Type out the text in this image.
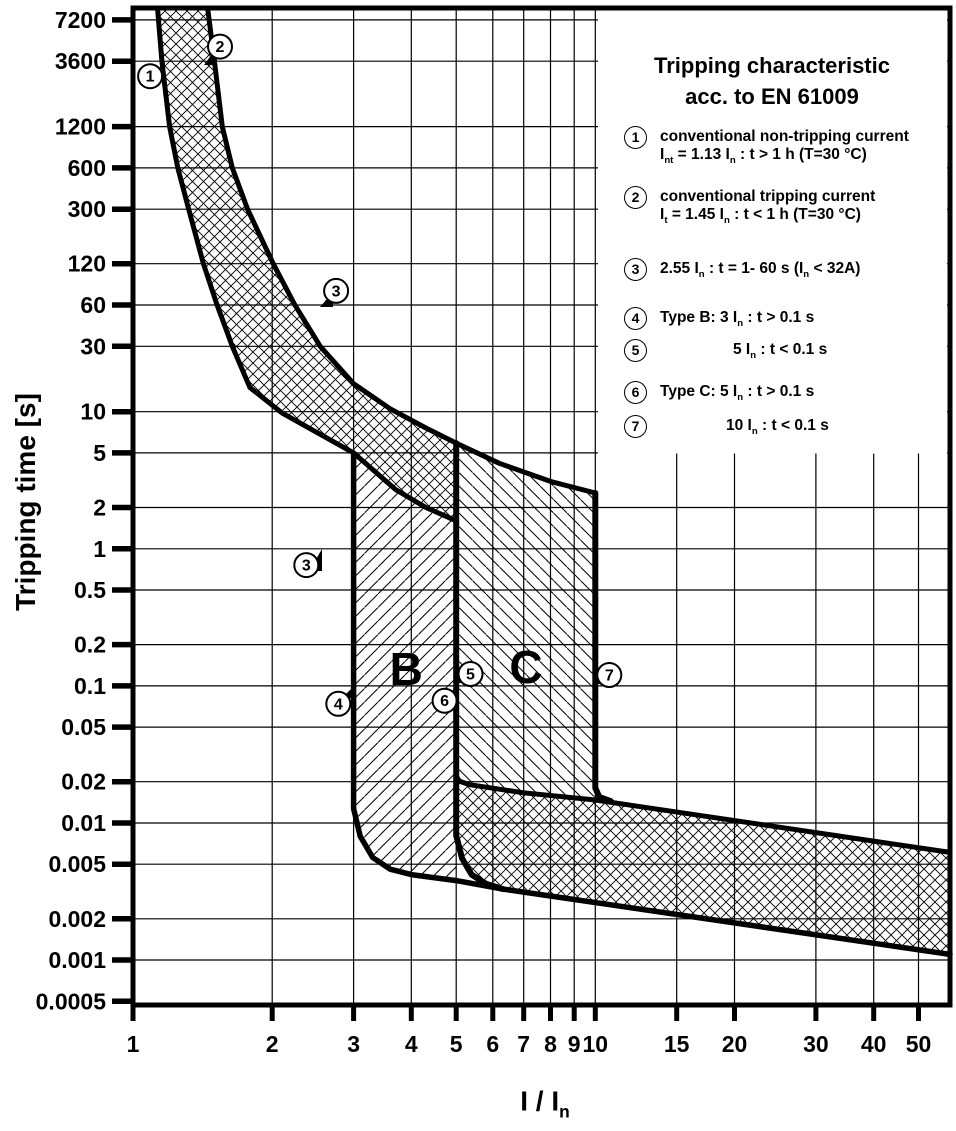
1	2	3 4 5 6 7 8 9 10 15 20 30 40 50
7200
3600
1200
600
300
120
60
30
10
5
2
1
0.5
0.2
0.1
0.05
0.02
0.01
0.005
0.002
0.001
0.0005
B C
1
2
3
3
4
5
6
7
Tripping time [s]
I / $I_n$
Tripping characteristic
acc. to EN 61009
1	conventional non-tripping current
$I_{nt} = 1.13$ $I_n$ : t > 1 h (T=30 °C)
2	conventional tripping current
$I_t = 1.45$ $I_n$ : t < 1 h (T=30 °C)
3	2.55 $I_n$ : t = 1- 60 s $(I_n < 32A)$
4	Type B: 3 $I_n$ : t > 0.1 s
5	5 $I_n$ : t < 0.1 s
6	Type C: 5 $I_n$ : t > 0.1 s
7	10 $I_n$ : t < 0.1 s
